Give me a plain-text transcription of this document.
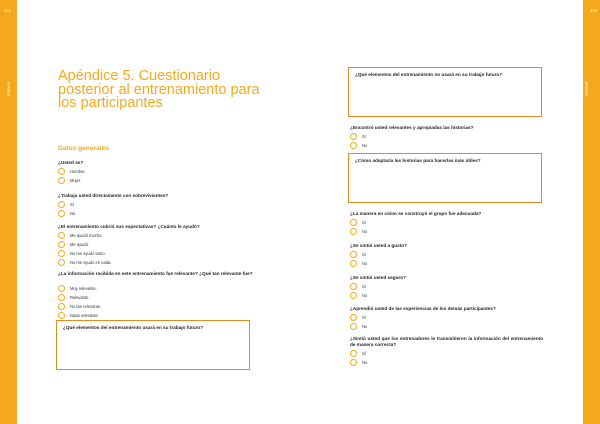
174
anexos
175
anexos
Apéndice 5. Cuestionario posterior al entrenamiento para los participantes
Datos generales
¿Usted es?
Hombre.
Mujer.
¿Trabaja usted directamente con sobrevivientes?
Sí
No
¿El entrenamiento cubrió sus expectativas? ¿Cuánto le ayudó?
Me ayudó mucho.
Me ayudó.
No me ayudó tanto.
No me ayudo en nada.
¿La información recibida en este entrenamiento fue relevante? ¿Qué tan relevante fue?
Muy relevante.
Relevante.
No tan relevante.
Nada relevante.
¿Qué elementos del entrenamiento usará en su trabajo futuro?
¿Qué elementos del entrenamiento no usará en su trabajo futuro?
¿Encontró usted relevantes y apropiadas las historias?
Sí
No
¿Cómo adaptaría las historias para hacerlas más útiles?
¿La manera en cómo se construyó el grupo fue adecuada?
Sí
No
¿Se sintió usted a gusto?
Sí
No
¿Se sintió usted seguro?
Sí
No
¿Aprendió usted de las experiencias de los demás participantes?
Sí
No
¿Sintió usted que los entrenadores le transmitieron la información del entrenamiento de manera correcta?
Sí
No
